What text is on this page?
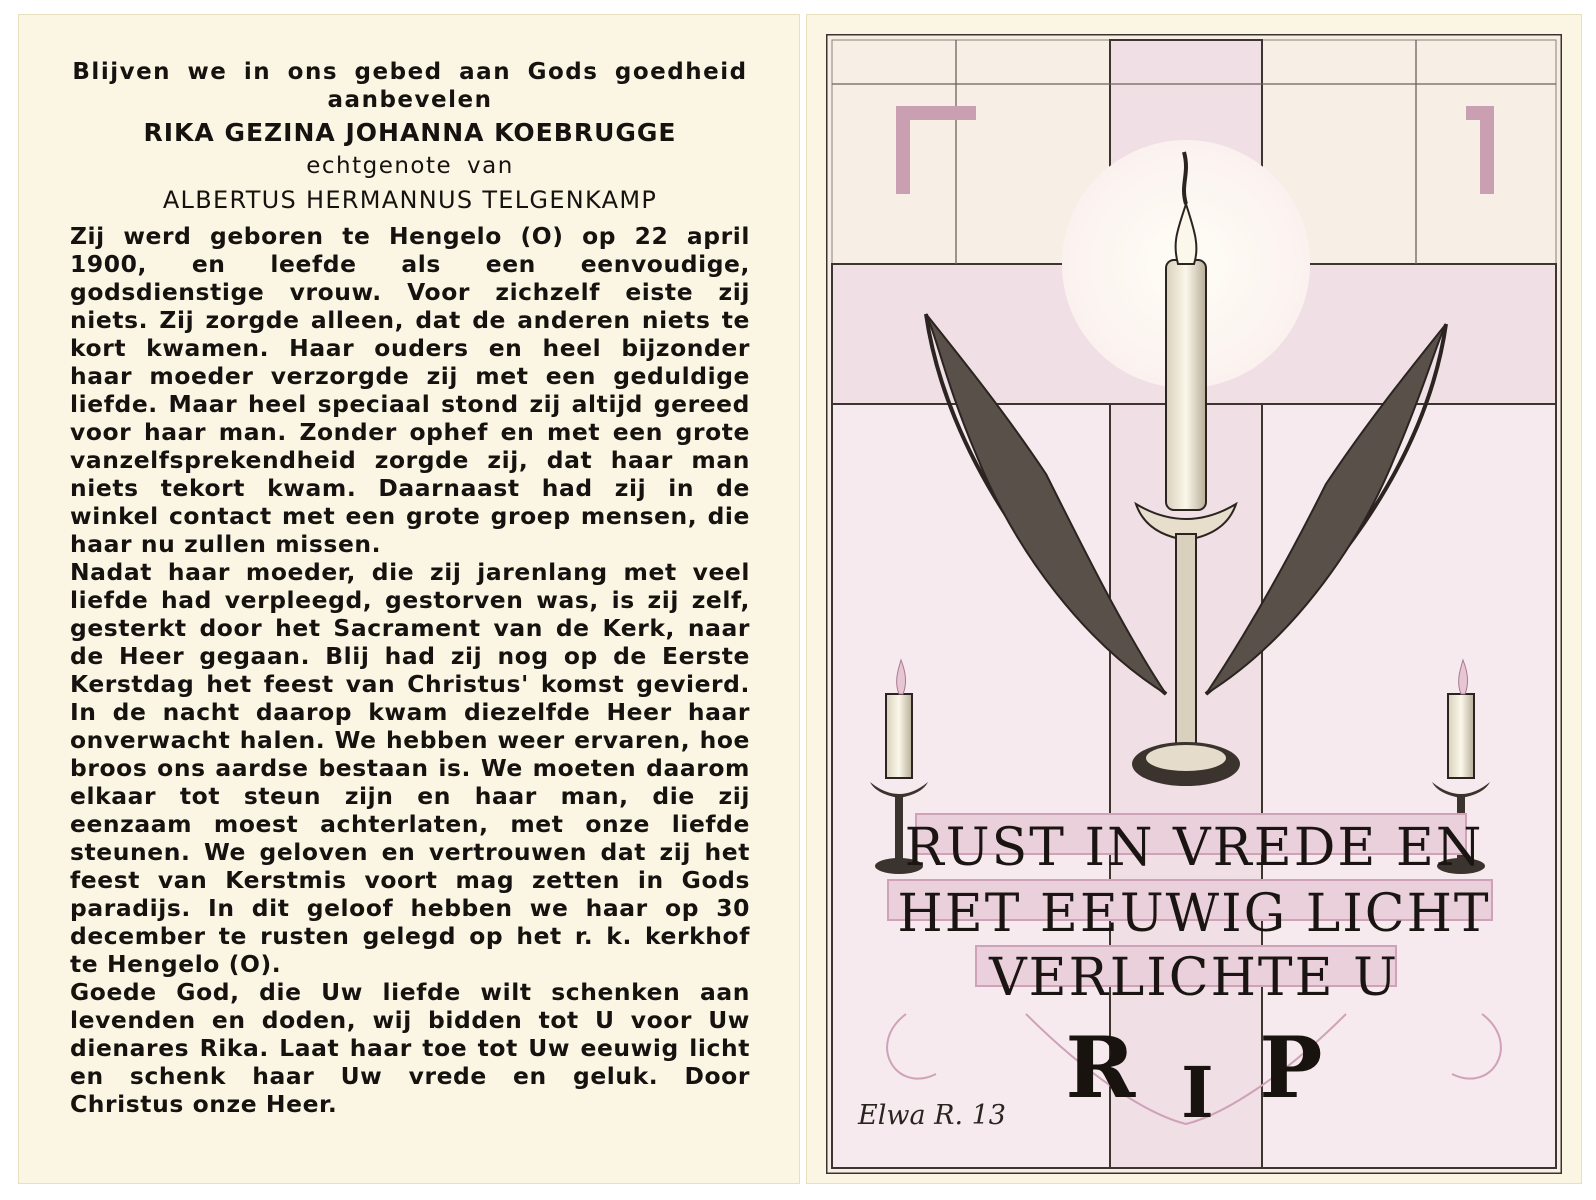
Blijven we in ons gebed aan Gods goedheid aanbevelen

RIKA GEZINA JOHANNA KOEBRUGGE

echtgenote van

ALBERTUS HERMANNUS TELGENKAMP

Zij werd geboren te Hengelo (O) op 22 april 1900, en leefde als een eenvoudige, godsdienstige vrouw. Voor zichzelf eiste zij niets. Zij zorgde alleen, dat de anderen niets te kort kwamen. Haar ouders en heel bijzonder haar moeder verzorgde zij met een geduldige liefde. Maar heel speciaal stond zij altijd gereed voor haar man. Zonder ophef en met een grote vanzelfsprekendheid zorgde zij, dat haar man niets tekort kwam. Daarnaast had zij in de winkel contact met een grote groep mensen, die haar nu zullen missen.

Nadat haar moeder, die zij jarenlang met veel liefde had verpleegd, gestorven was, is zij zelf, gesterkt door het Sacrament van de Kerk, naar de Heer gegaan. Blij had zij nog op de Eerste Kerstdag het feest van Christus' komst gevierd. In de nacht daarop kwam diezelfde Heer haar onverwacht halen. We hebben weer ervaren, hoe broos ons aardse bestaan is. We moeten daarom elkaar tot steun zijn en haar man, die zij eenzaam moest achterlaten, met onze liefde steunen. We geloven en vertrouwen dat zij het feest van Kerstmis voort mag zetten in Gods paradijs. In dit geloof hebben we haar op 30 december te rusten gelegd op het r. k. kerkhof te Hengelo (O).

Goede God, die Uw liefde wilt schenken aan levenden en doden, wij bidden tot U voor Uw dienares Rika. Laat haar toe tot Uw eeuwig licht en schenk haar Uw vrede en geluk. Door Christus onze Heer.

RUST IN VREDE EN

HET EEUWIG LICHT

VERLICHTE U

R I P
Elwa R. 13
